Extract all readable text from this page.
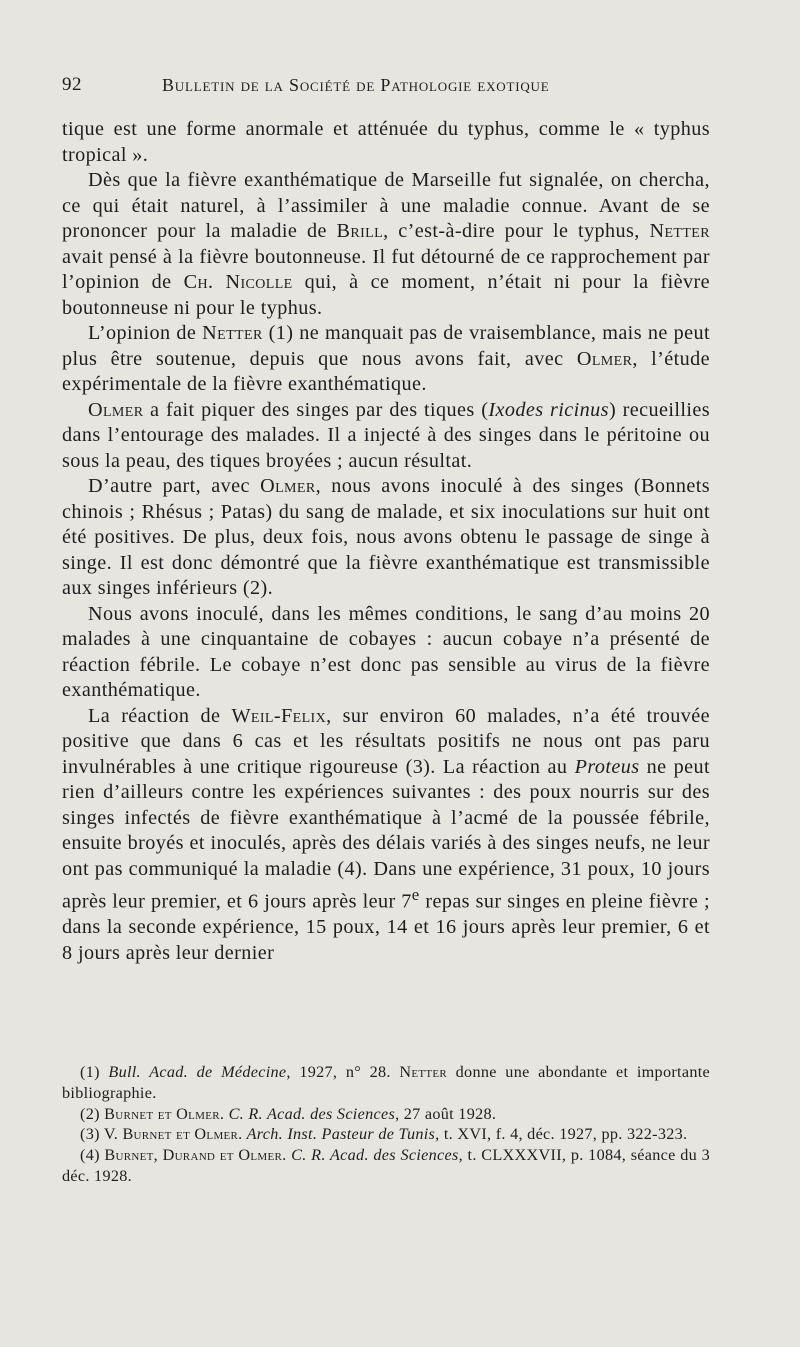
92	Bulletin de la Société de Pathologie exotique

tique est une forme anormale et atténuée du typhus, comme le « typhus tropical ».

Dès que la fièvre exanthématique de Marseille fut signalée, on chercha, ce qui était naturel, à l’assimiler à une maladie connue. Avant de se prononcer pour la maladie de Brill, c’est-à-dire pour le typhus, Netter avait pensé à la fièvre boutonneuse. Il fut détourné de ce rapprochement par l’opinion de Ch. Nicolle qui, à ce moment, n’était ni pour la fièvre boutonneuse ni pour le typhus.

L’opinion de Netter (1) ne manquait pas de vraisemblance, mais ne peut plus être soutenue, depuis que nous avons fait, avec Olmer, l’étude expérimentale de la fièvre exanthématique.

Olmer a fait piquer des singes par des tiques (Ixodes ricinus) recueillies dans l’entourage des malades. Il a injecté à des singes dans le péritoine ou sous la peau, des tiques broyées ; aucun résultat.

D’autre part, avec Olmer, nous avons inoculé à des singes (Bonnets chinois ; Rhésus ; Patas) du sang de malade, et six inoculations sur huit ont été positives. De plus, deux fois, nous avons obtenu le passage de singe à singe. Il est donc démontré que la fièvre exanthématique est transmissible aux singes inférieurs (2).

Nous avons inoculé, dans les mêmes conditions, le sang d’au moins 20 malades à une cinquantaine de cobayes : aucun cobaye n’a présenté de réaction fébrile. Le cobaye n’est donc pas sensible au virus de la fièvre exanthématique.

La réaction de Weil-Felix, sur environ 60 malades, n’a été trouvée positive que dans 6 cas et les résultats positifs ne nous ont pas paru invulnérables à une critique rigoureuse (3). La réaction au Proteus ne peut rien d’ailleurs contre les expériences suivantes : des poux nourris sur des singes infectés de fièvre exanthématique à l’acmé de la poussée fébrile, ensuite broyés et inoculés, après des délais variés à des singes neufs, ne leur ont pas communiqué la maladie (4). Dans une expérience, 31 poux, 10 jours après leur premier, et 6 jours après leur 7e repas sur singes en pleine fièvre ; dans la seconde expérience, 15 poux, 14 et 16 jours après leur premier, 6 et 8 jours après leur dernier

(1) Bull. Acad. de Médecine, 1927, n° 28. Netter donne une abondante et importante bibliographie.

(2) Burnet et Olmer. C. R. Acad. des Sciences, 27 août 1928.

(3) V. Burnet et Olmer. Arch. Inst. Pasteur de Tunis, t. XVI, f. 4, déc. 1927, pp. 322-323.

(4) Burnet, Durand et Olmer. C. R. Acad. des Sciences, t. CLXXXVII, p. 1084, séance du 3 déc. 1928.
